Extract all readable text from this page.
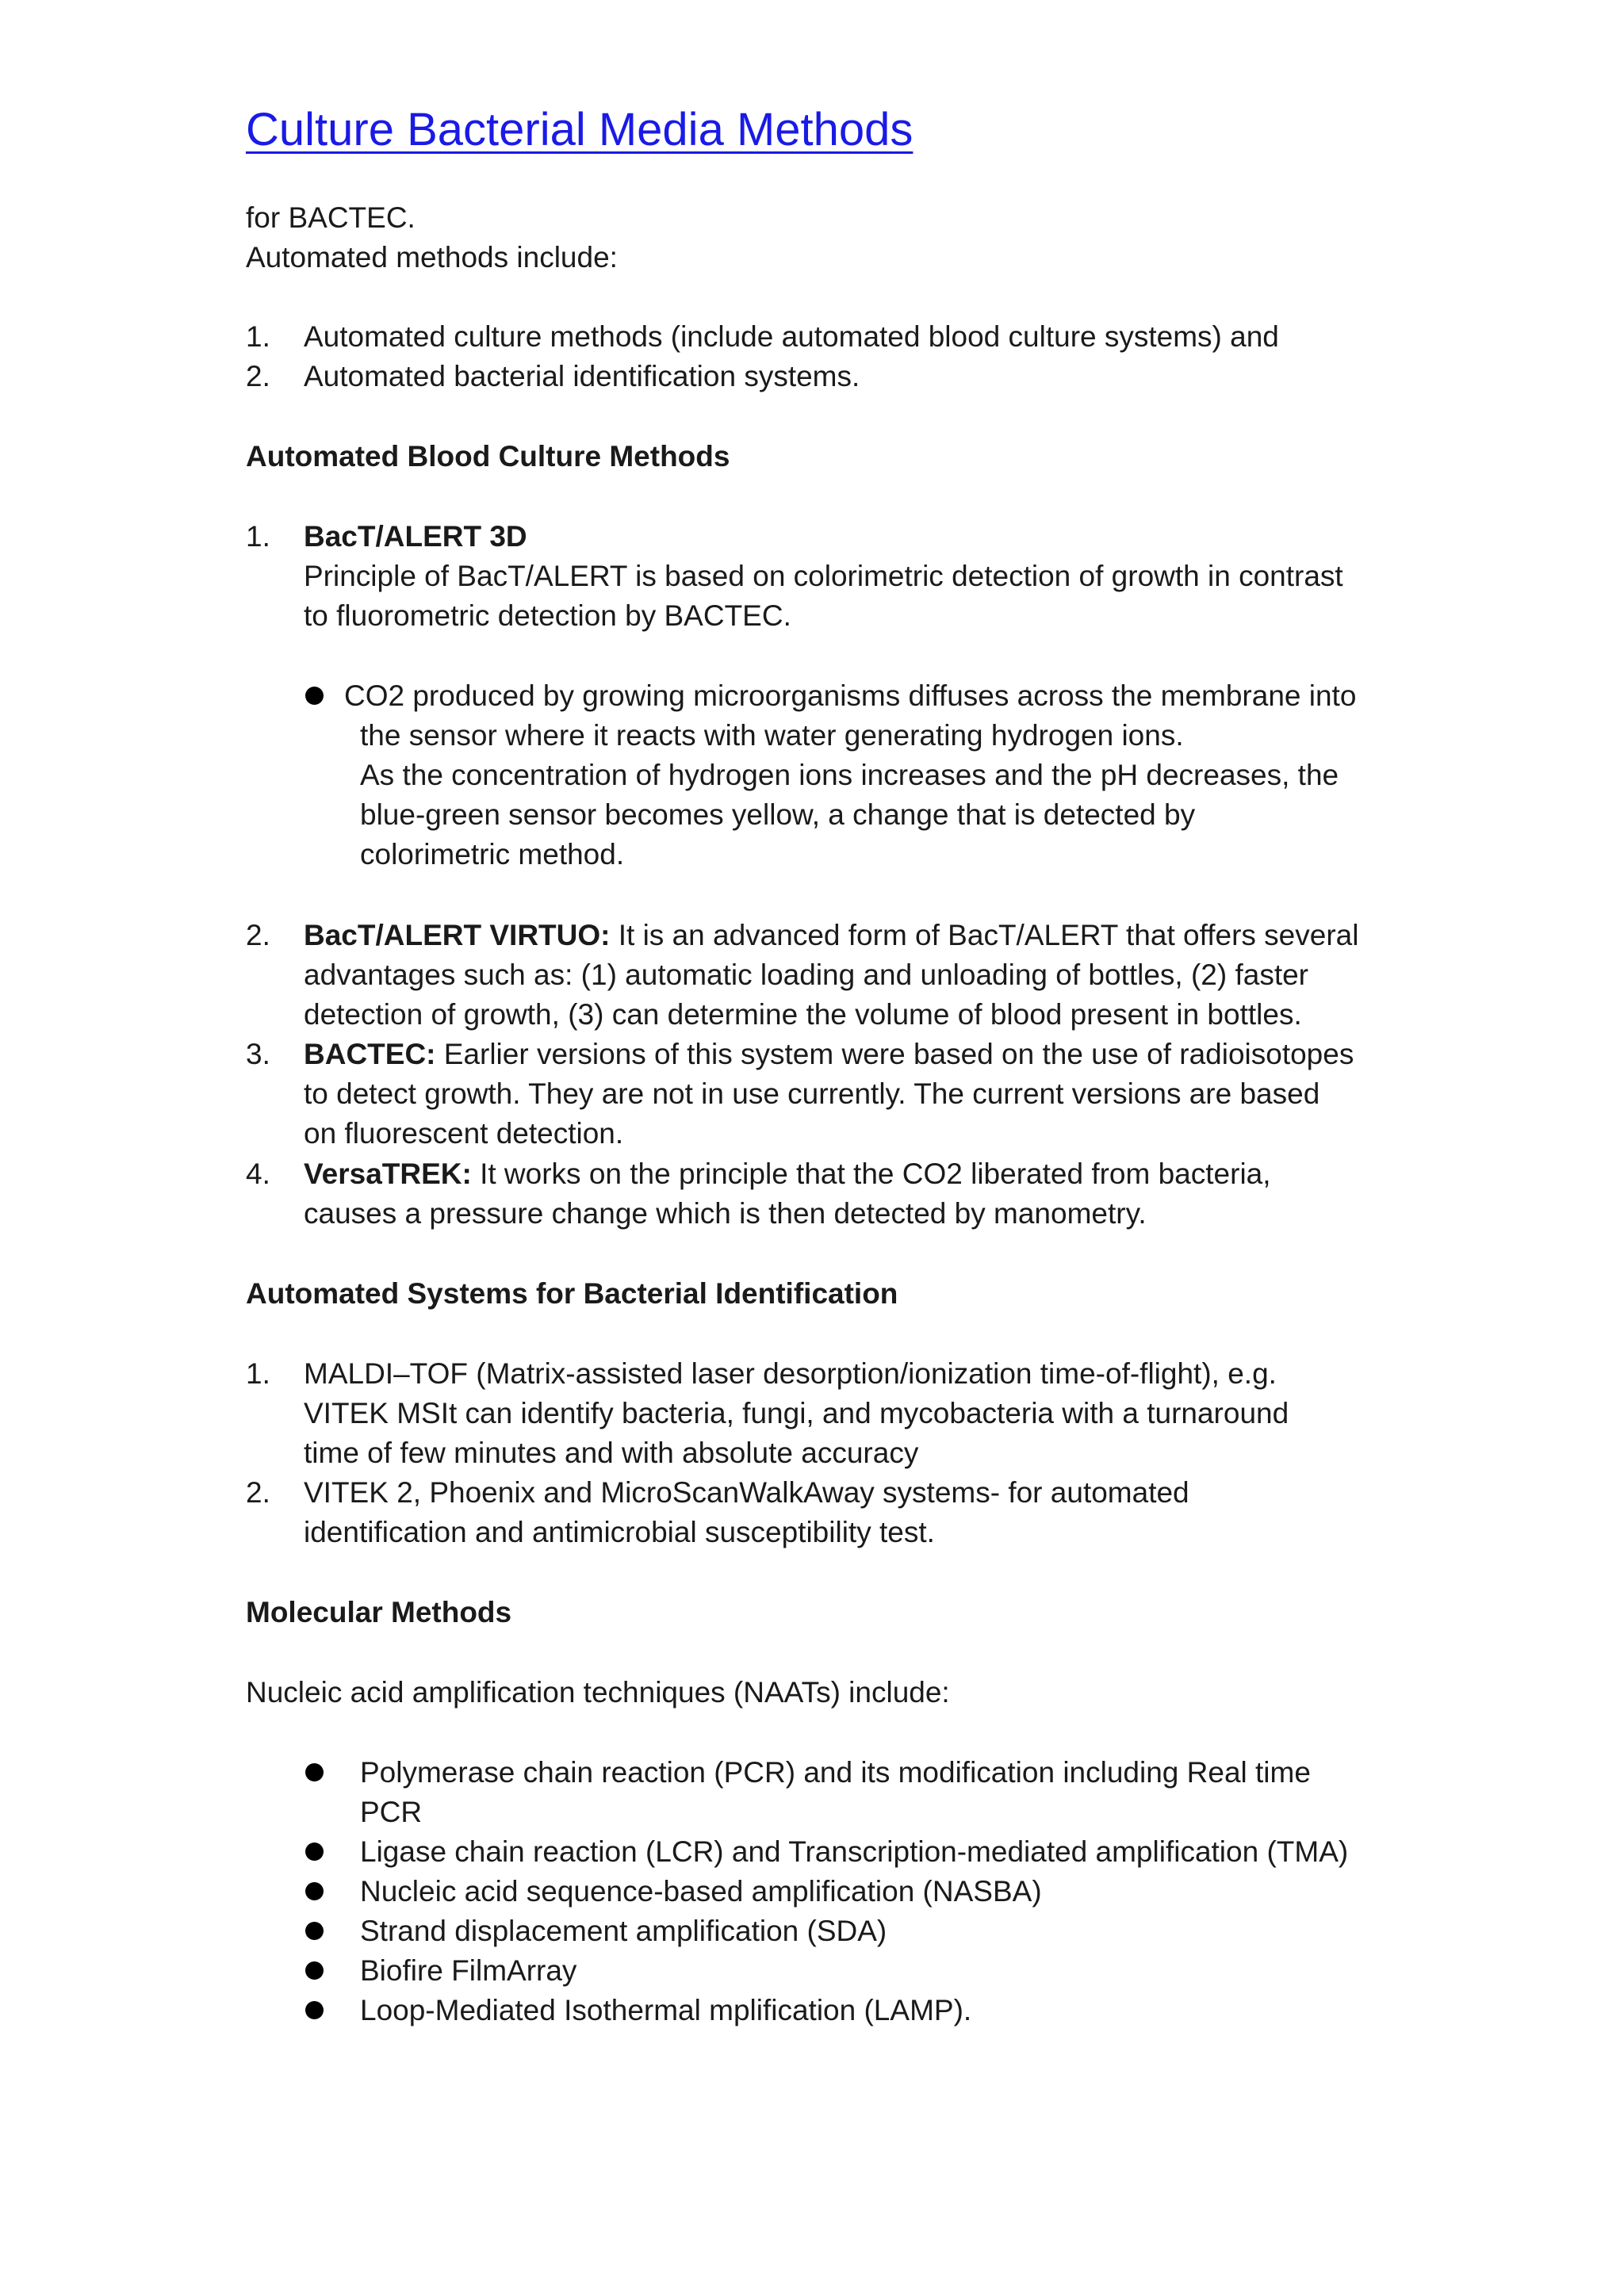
Culture Bacterial Media Methods
for BACTEC.
Automated methods include:
1. Automated culture methods (include automated blood culture systems) and
2. Automated bacterial identification systems.
Automated Blood Culture Methods
1. BacT/ALERT 3D
Principle of BacT/ALERT is based on colorimetric detection of growth in contrast
to fluorometric detection by BACTEC.
CO2 produced by growing microorganisms diffuses across the membrane into
the sensor where it reacts with water generating hydrogen ions.
As the concentration of hydrogen ions increases and the pH decreases, the
blue-green sensor becomes yellow, a change that is detected by
colorimetric method.
2. BacT/ALERT VIRTUO: It is an advanced form of BacT/ALERT that offers several
advantages such as: (1) automatic loading and unloading of bottles, (2) faster
detection of growth, (3) can determine the volume of blood present in bottles.
3. BACTEC: Earlier versions of this system were based on the use of radioisotopes
to detect growth. They are not in use currently. The current versions are based
on fluorescent detection.
4. VersaTREK: It works on the principle that the CO2 liberated from bacteria,
causes a pressure change which is then detected by manometry.
Automated Systems for Bacterial Identification
1. MALDI–TOF (Matrix-assisted laser desorption/ionization time-of-flight), e.g.
VITEK MSIt can identify bacteria, fungi, and mycobacteria with a turnaround
time of few minutes and with absolute accuracy
2. VITEK 2, Phoenix and MicroScanWalkAway systems- for automated
identification and antimicrobial susceptibility test.
Molecular Methods
Nucleic acid amplification techniques (NAATs) include:
Polymerase chain reaction (PCR) and its modification including Real time
PCR
Ligase chain reaction (LCR) and Transcription-mediated amplification (TMA)
Nucleic acid sequence-based amplification (NASBA)
Strand displacement amplification (SDA)
Biofire FilmArray
Loop-Mediated Isothermal mplification (LAMP).
